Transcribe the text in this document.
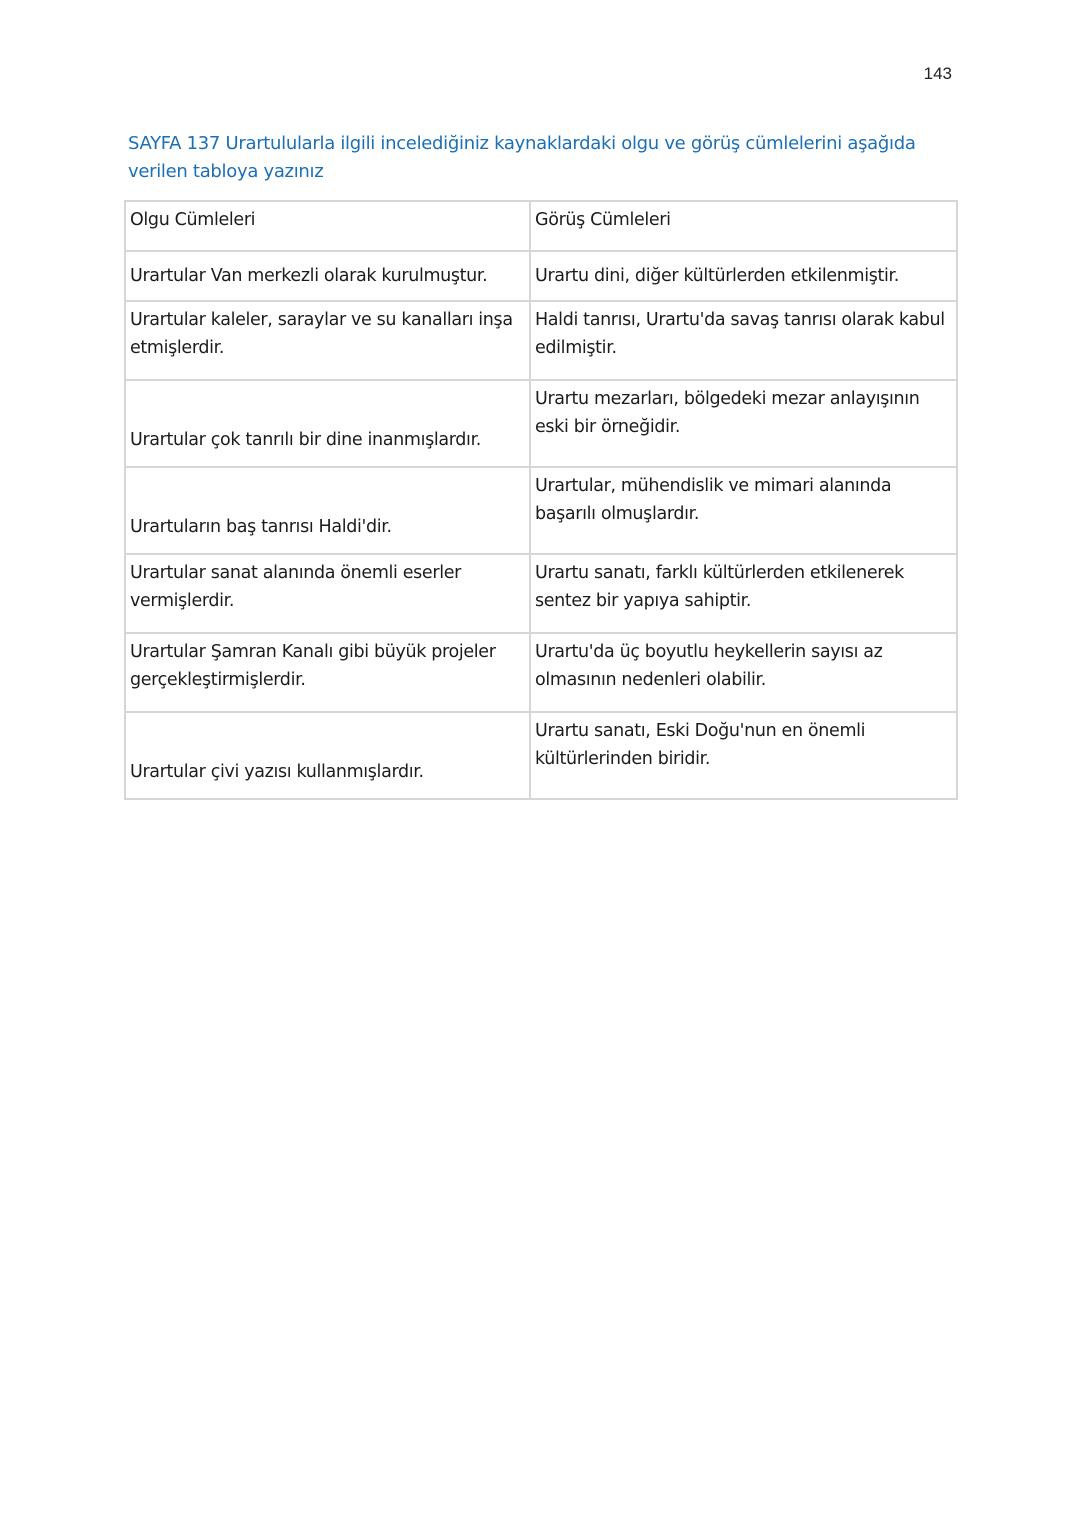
143
SAYFA 137 Urartulularla ilgili incelediğiniz kaynaklardaki olgu ve görüş cümlelerini aşağıda verilen tabloya yazınız
Olgu Cümleleri	Görüş Cümleleri
Urartular Van merkezli olarak kurulmuştur.	Urartu dini, diğer kültürlerden etkilenmiştir.
Urartular kaleler, saraylar ve su kanalları inşa etmişlerdir.	Haldi tanrısı, Urartu'da savaş tanrısı olarak kabul edilmiştir.
Urartular çok tanrılı bir dine inanmışlardır.	Urartu mezarları, bölgedeki mezar anlayışının eski bir örneğidir.
Urartuların baş tanrısı Haldi'dir.	Urartular, mühendislik ve mimari alanında başarılı olmuşlardır.
Urartular sanat alanında önemli eserler vermişlerdir.	Urartu sanatı, farklı kültürlerden etkilenerek sentez bir yapıya sahiptir.
Urartular Şamran Kanalı gibi büyük projeler gerçekleştirmişlerdir.	Urartu'da üç boyutlu heykellerin sayısı az olmasının nedenleri olabilir.
Urartular çivi yazısı kullanmışlardır.	Urartu sanatı, Eski Doğu'nun en önemli kültürlerinden biridir.
